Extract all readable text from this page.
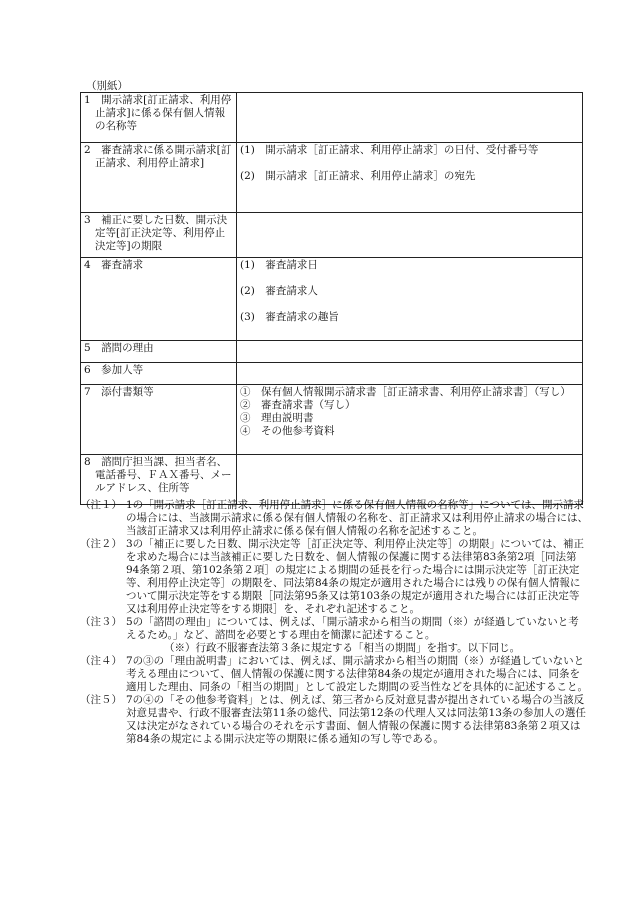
（別紙）
1　開示請求[訂正請求、利用停止請求]に係る保有個人情報の名称等	

2　審査請求に係る開示請求[訂正請求、利用停止請求]	(1)　開示請求［訂正請求、利用停止請求］の日付、受付番号等
(2)　開示請求［訂正請求、利用停止請求］の宛先

3　補正に要した日数、開示決定等[訂正決定等、利用停止決定等]の期限	

4　審査請求	(1)　審査請求日
(2)　審査請求人
(3)　審査請求の趣旨

5　諮問の理由	

6　参加人等	

7　添付書類等	①　保有個人情報開示請求書［訂正請求書、利用停止請求書］（写し）
②　審査請求書（写し）
③　理由説明書
④　その他参考資料

8　諮問庁担当課、担当者名、電話番号、ＦＡＸ番号、メールアドレス、住所等	

（注１） 1の「開示請求［訂正請求、利用停止請求］に係る保有個人情報の名称等」については、開示請求の場合には、当該開示請求に係る保有個人情報の名称を、訂正請求又は利用停止請求の場合には、当該訂正請求又は利用停止請求に係る保有個人情報の名称を記述すること。
（注２） 3の「補正に要した日数、開示決定等［訂正決定等、利用停止決定等］の期限」については、補正を求めた場合には当該補正に要した日数を、個人情報の保護に関する法律第83条第2項［同法第94条第２項、第102条第２項］の規定による期間の延長を行った場合には開示決定等［訂正決定等、利用停止決定等］の期限を、同法第84条の規定が適用された場合には残りの保有個人情報について開示決定等をする期限［同法第95条又は第103条の規定が適用された場合には訂正決定等又は利用停止決定等をする期限］を、それぞれ記述すること。
（注３） 5の「諮問の理由」については、例えば、「開示請求から相当の期間（※）が経過していないと考えるため。」など、諮問を必要とする理由を簡潔に記述すること。
（※）行政不服審査法第３条に規定する「相当の期間」を指す。以下同じ。
（注４） 7の③の「理由説明書」においては、例えば、開示請求から相当の期間（※）が経過していないと考える理由について、個人情報の保護に関する法律第84条の規定が適用された場合には、同条を適用した理由、同条の「相当の期間」として設定した期間の妥当性などを具体的に記述すること。
（注５） 7の④の「その他参考資料」とは、例えば、第三者から反対意見書が提出されている場合の当該反対意見書や、行政不服審査法第11条の総代、同法第12条の代理人又は同法第13条の参加人の選任又は決定がなされている場合のそれを示す書面、個人情報の保護に関する法律第83条第２項又は第84条の規定による開示決定等の期限に係る通知の写し等である。
